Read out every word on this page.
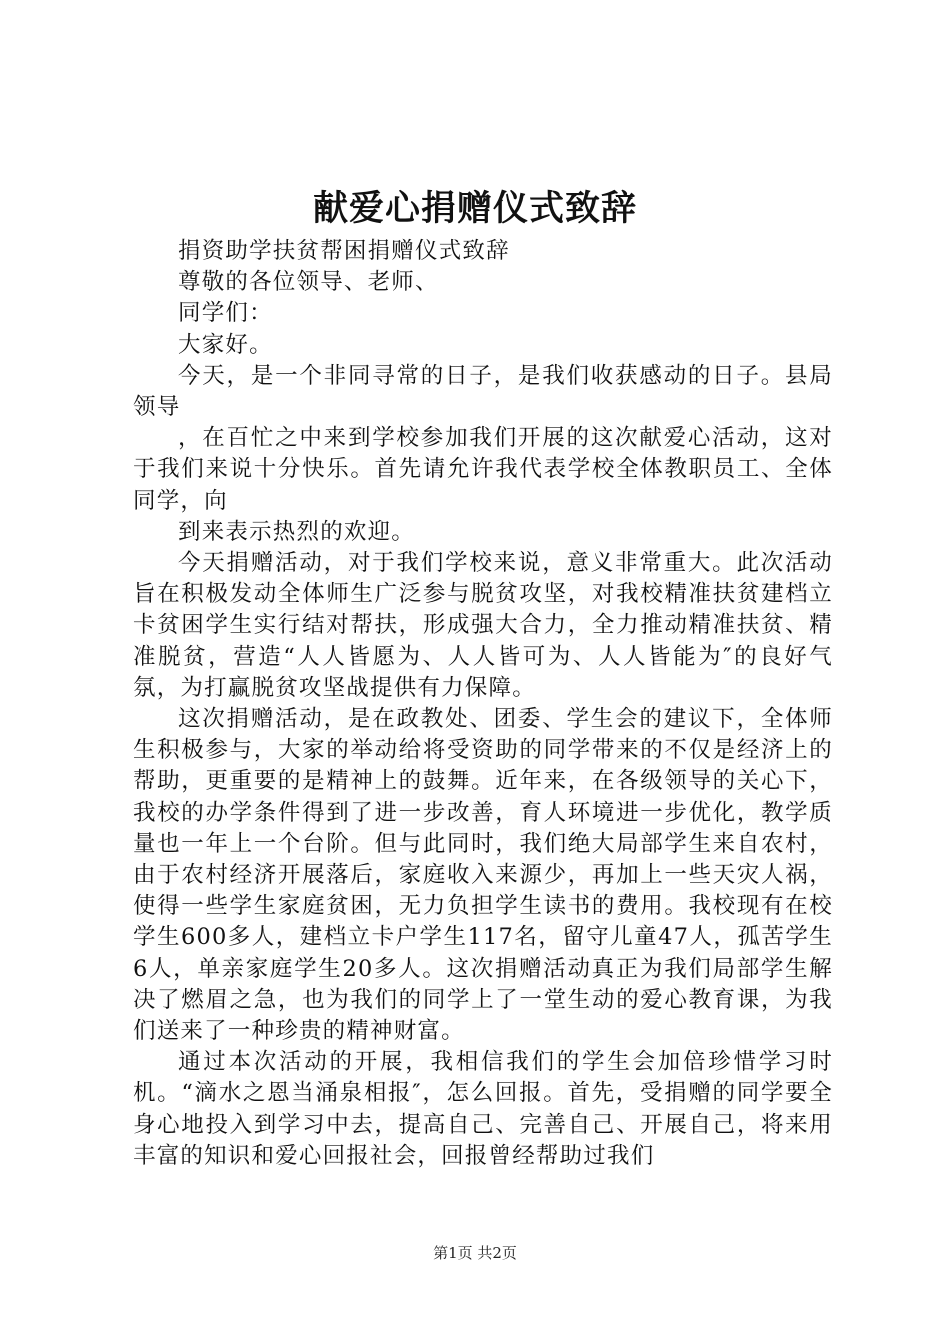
献爱心捐赠仪式致辞

捐资助学扶贫帮困捐赠仪式致辞

尊敬的各位领导、老师、

同学们：

大家好。

今天，是一个非同寻常的日子，是我们收获感动的日子。县局领导

，在百忙之中来到学校参加我们开展的这次献爱心活动，这对于我们来说十分快乐。首先请允许我代表学校全体教职员工、全体同学，向

到来表示热烈的欢迎。

今天捐赠活动，对于我们学校来说，意义非常重大。此次活动旨在积极发动全体师生广泛参与脱贫攻坚，对我校精准扶贫建档立卡贫困学生实行结对帮扶，形成强大合力，全力推动精准扶贫、精准脱贫，营造“人人皆愿为、人人皆可为、人人皆能为″的良好气氛，为打赢脱贫攻坚战提供有力保障。

这次捐赠活动，是在政教处、团委、学生会的建议下，全体师生积极参与，大家的举动给将受资助的同学带来的不仅是经济上的帮助，更重要的是精神上的鼓舞。近年来，在各级领导的关心下，我校的办学条件得到了进一步改善，育人环境进一步优化，教学质量也一年上一个台阶。但与此同时，我们绝大局部学生来自农村，由于农村经济开展落后，家庭收入来源少，再加上一些天灾人祸，使得一些学生家庭贫困，无力负担学生读书的费用。我校现有在校学生600多人，建档立卡户学生117名，留守儿童47人，孤苦学生6人，单亲家庭学生20多人。这次捐赠活动真正为我们局部学生解决了燃眉之急，也为我们的同学上了一堂生动的爱心教育课，为我们送来了一种珍贵的精神财富。

通过本次活动的开展，我相信我们的学生会加倍珍惜学习时机。“滴水之恩当涌泉相报″，怎么回报。首先，受捐赠的同学要全身心地投入到学习中去，提高自己、完善自己、开展自己，将来用丰富的知识和爱心回报社会，回报曾经帮助过我们

第1页 共2页
